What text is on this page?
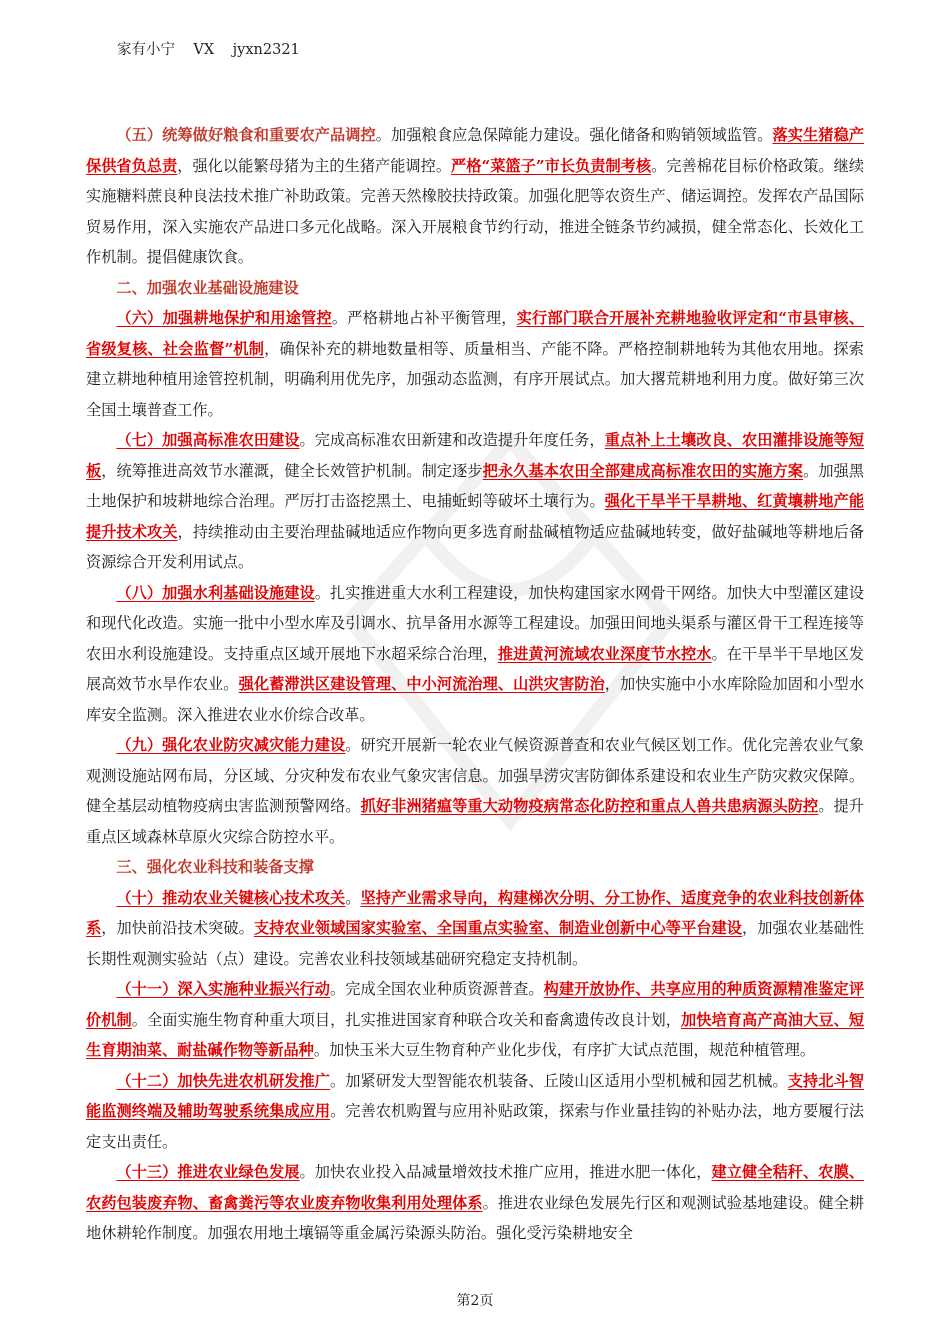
家有小宁    VX    jyxn2321

（五）统筹做好粮食和重要农产品调控。加强粮食应急保障能力建设。强化储备和购销领域监管。落实生猪稳产保供省负总责，强化以能繁母猪为主的生猪产能调控。严格“菜篮子”市长负责制考核。完善棉花目标价格政策。继续实施糖料蔗良种良法技术推广补助政策。完善天然橡胶扶持政策。加强化肥等农资生产、储运调控。发挥农产品国际贸易作用，深入实施农产品进口多元化战略。深入开展粮食节约行动，推进全链条节约减损，健全常态化、长效化工作机制。提倡健康饮食。

二、加强农业基础设施建设

（六）加强耕地保护和用途管控。严格耕地占补平衡管理，实行部门联合开展补充耕地验收评定和“市县审核、省级复核、社会监督”机制，确保补充的耕地数量相等、质量相当、产能不降。严格控制耕地转为其他农用地。探索建立耕地种植用途管控机制，明确利用优先序，加强动态监测，有序开展试点。加大撂荒耕地利用力度。做好第三次全国土壤普查工作。

（七）加强高标准农田建设。完成高标准农田新建和改造提升年度任务，重点补上土壤改良、农田灌排设施等短板，统筹推进高效节水灌溉，健全长效管护机制。制定逐步把永久基本农田全部建成高标准农田的实施方案。加强黑土地保护和坡耕地综合治理。严厉打击盗挖黑土、电捕蚯蚓等破坏土壤行为。强化干旱半干旱耕地、红黄壤耕地产能提升技术攻关，持续推动由主要治理盐碱地适应作物向更多选育耐盐碱植物适应盐碱地转变，做好盐碱地等耕地后备资源综合开发利用试点。

（八）加强水利基础设施建设。扎实推进重大水利工程建设，加快构建国家水网骨干网络。加快大中型灌区建设和现代化改造。实施一批中小型水库及引调水、抗旱备用水源等工程建设。加强田间地头渠系与灌区骨干工程连接等农田水利设施建设。支持重点区域开展地下水超采综合治理，推进黄河流域农业深度节水控水。在干旱半干旱地区发展高效节水旱作农业。强化蓄滞洪区建设管理、中小河流治理、山洪灾害防治，加快实施中小水库除险加固和小型水库安全监测。深入推进农业水价综合改革。

（九）强化农业防灾减灾能力建设。研究开展新一轮农业气候资源普查和农业气候区划工作。优化完善农业气象观测设施站网布局，分区域、分灾种发布农业气象灾害信息。加强旱涝灾害防御体系建设和农业生产防灾救灾保障。健全基层动植物疫病虫害监测预警网络。抓好非洲猪瘟等重大动物疫病常态化防控和重点人兽共患病源头防控。提升重点区域森林草原火灾综合防控水平。

三、强化农业科技和装备支撑

（十）推动农业关键核心技术攻关。坚持产业需求导向，构建梯次分明、分工协作、适度竞争的农业科技创新体系，加快前沿技术突破。支持农业领域国家实验室、全国重点实验室、制造业创新中心等平台建设，加强农业基础性长期性观测实验站（点）建设。完善农业科技领域基础研究稳定支持机制。

（十一）深入实施种业振兴行动。完成全国农业种质资源普查。构建开放协作、共享应用的种质资源精准鉴定评价机制。全面实施生物育种重大项目，扎实推进国家育种联合攻关和畜禽遗传改良计划，加快培育高产高油大豆、短生育期油菜、耐盐碱作物等新品种。加快玉米大豆生物育种产业化步伐，有序扩大试点范围，规范种植管理。

（十二）加快先进农机研发推广。加紧研发大型智能农机装备、丘陵山区适用小型机械和园艺机械。支持北斗智能监测终端及辅助驾驶系统集成应用。完善农机购置与应用补贴政策，探索与作业量挂钩的补贴办法，地方要履行法定支出责任。

（十三）推进农业绿色发展。加快农业投入品减量增效技术推广应用，推进水肥一体化，建立健全秸秆、农膜、农药包装废弃物、畜禽粪污等农业废弃物收集利用处理体系。推进农业绿色发展先行区和观测试验基地建设。健全耕地休耕轮作制度。加强农用地土壤镉等重金属污染源头防治。强化受污染耕地安全

第2页
